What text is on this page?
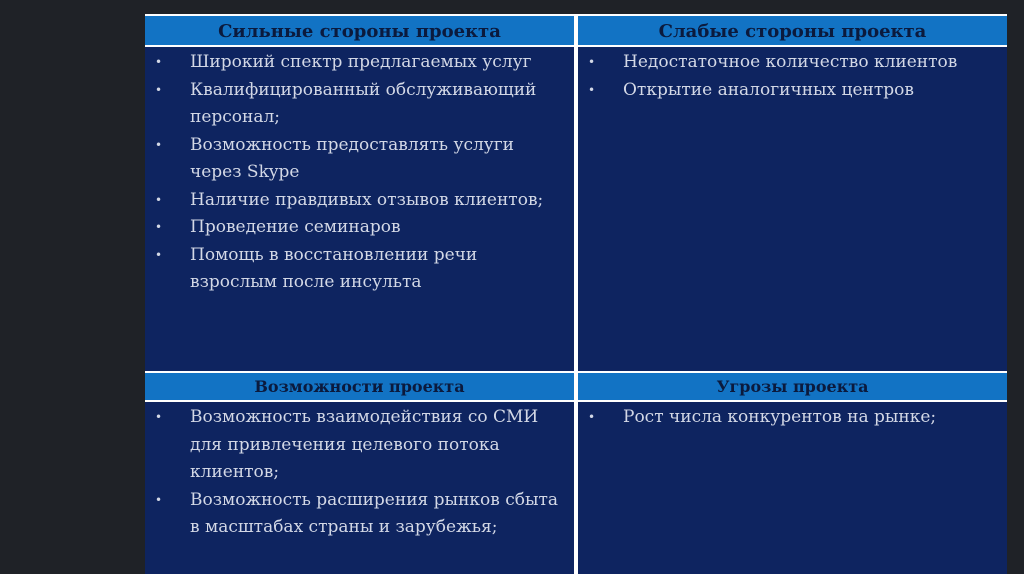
Сильные стороны проекта
• Широкий спектр предлагаемых услуг
• Квалифицированный обслуживающий персонал;
• Возможность предоставлять услуги через Skype
• Наличие правдивых отзывов клиентов;
• Проведение семинаров
• Помощь в восстановлении речи взрослым после инсульта
Слабые стороны проекта
• Недостаточное количество клиентов
• Открытие аналогичных центров
Возможности проекта
• Возможность взаимодействия со СМИ для привлечения целевого потока клиентов;
• Возможность расширения рынков сбыта в масштабах страны и зарубежья;
Угрозы проекта
• Рост числа конкурентов на рынке;
